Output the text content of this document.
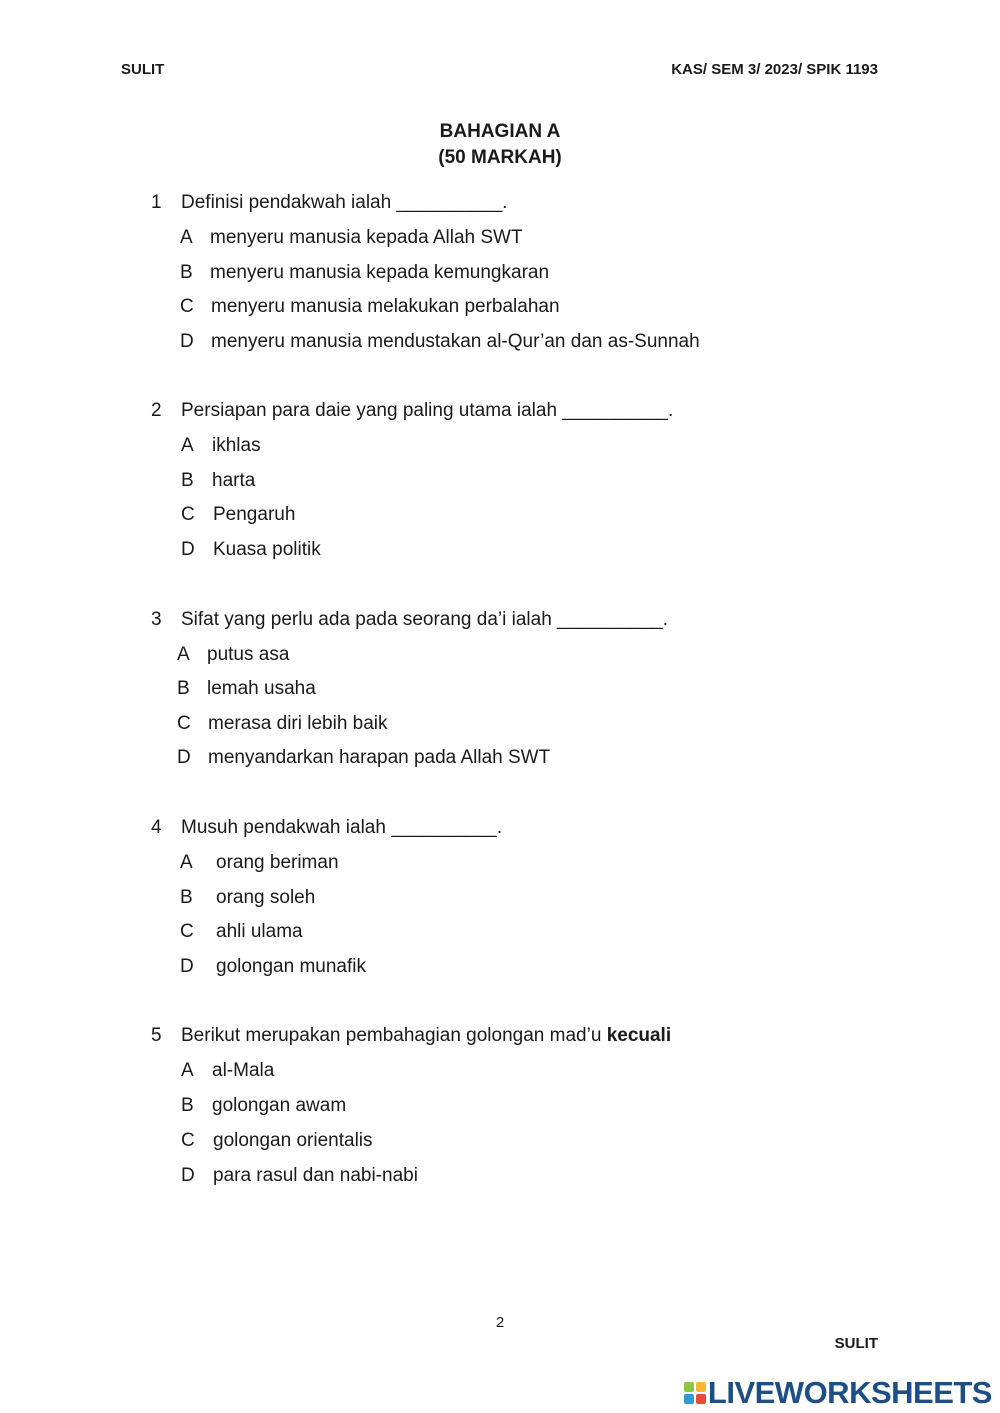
SULIT	KAS/ SEM 3/ 2023/ SPIK 1193
BAHAGIAN A
(50 MARKAH)
1 Definisi pendakwah ialah __________.
A menyeru manusia kepada Allah SWT
B menyeru manusia kepada kemungkaran
C menyeru manusia melakukan perbalahan
D menyeru manusia mendustakan al-Qur’an dan as-Sunnah
2 Persiapan para daie yang paling utama ialah __________.
A ikhlas
B harta
C Pengaruh
D Kuasa politik
3 Sifat yang perlu ada pada seorang da’i ialah __________.
A putus asa
B lemah usaha
C merasa diri lebih baik
D menyandarkan harapan pada Allah SWT
4 Musuh pendakwah ialah __________.
A orang beriman
B orang soleh
C ahli ulama
D golongan munafik
5 Berikut merupakan pembahagian golongan mad’u kecuali
A al-Mala
B golongan awam
C golongan orientalis
D para rasul dan nabi-nabi
2
SULIT
LIVEWORKSHEETS
